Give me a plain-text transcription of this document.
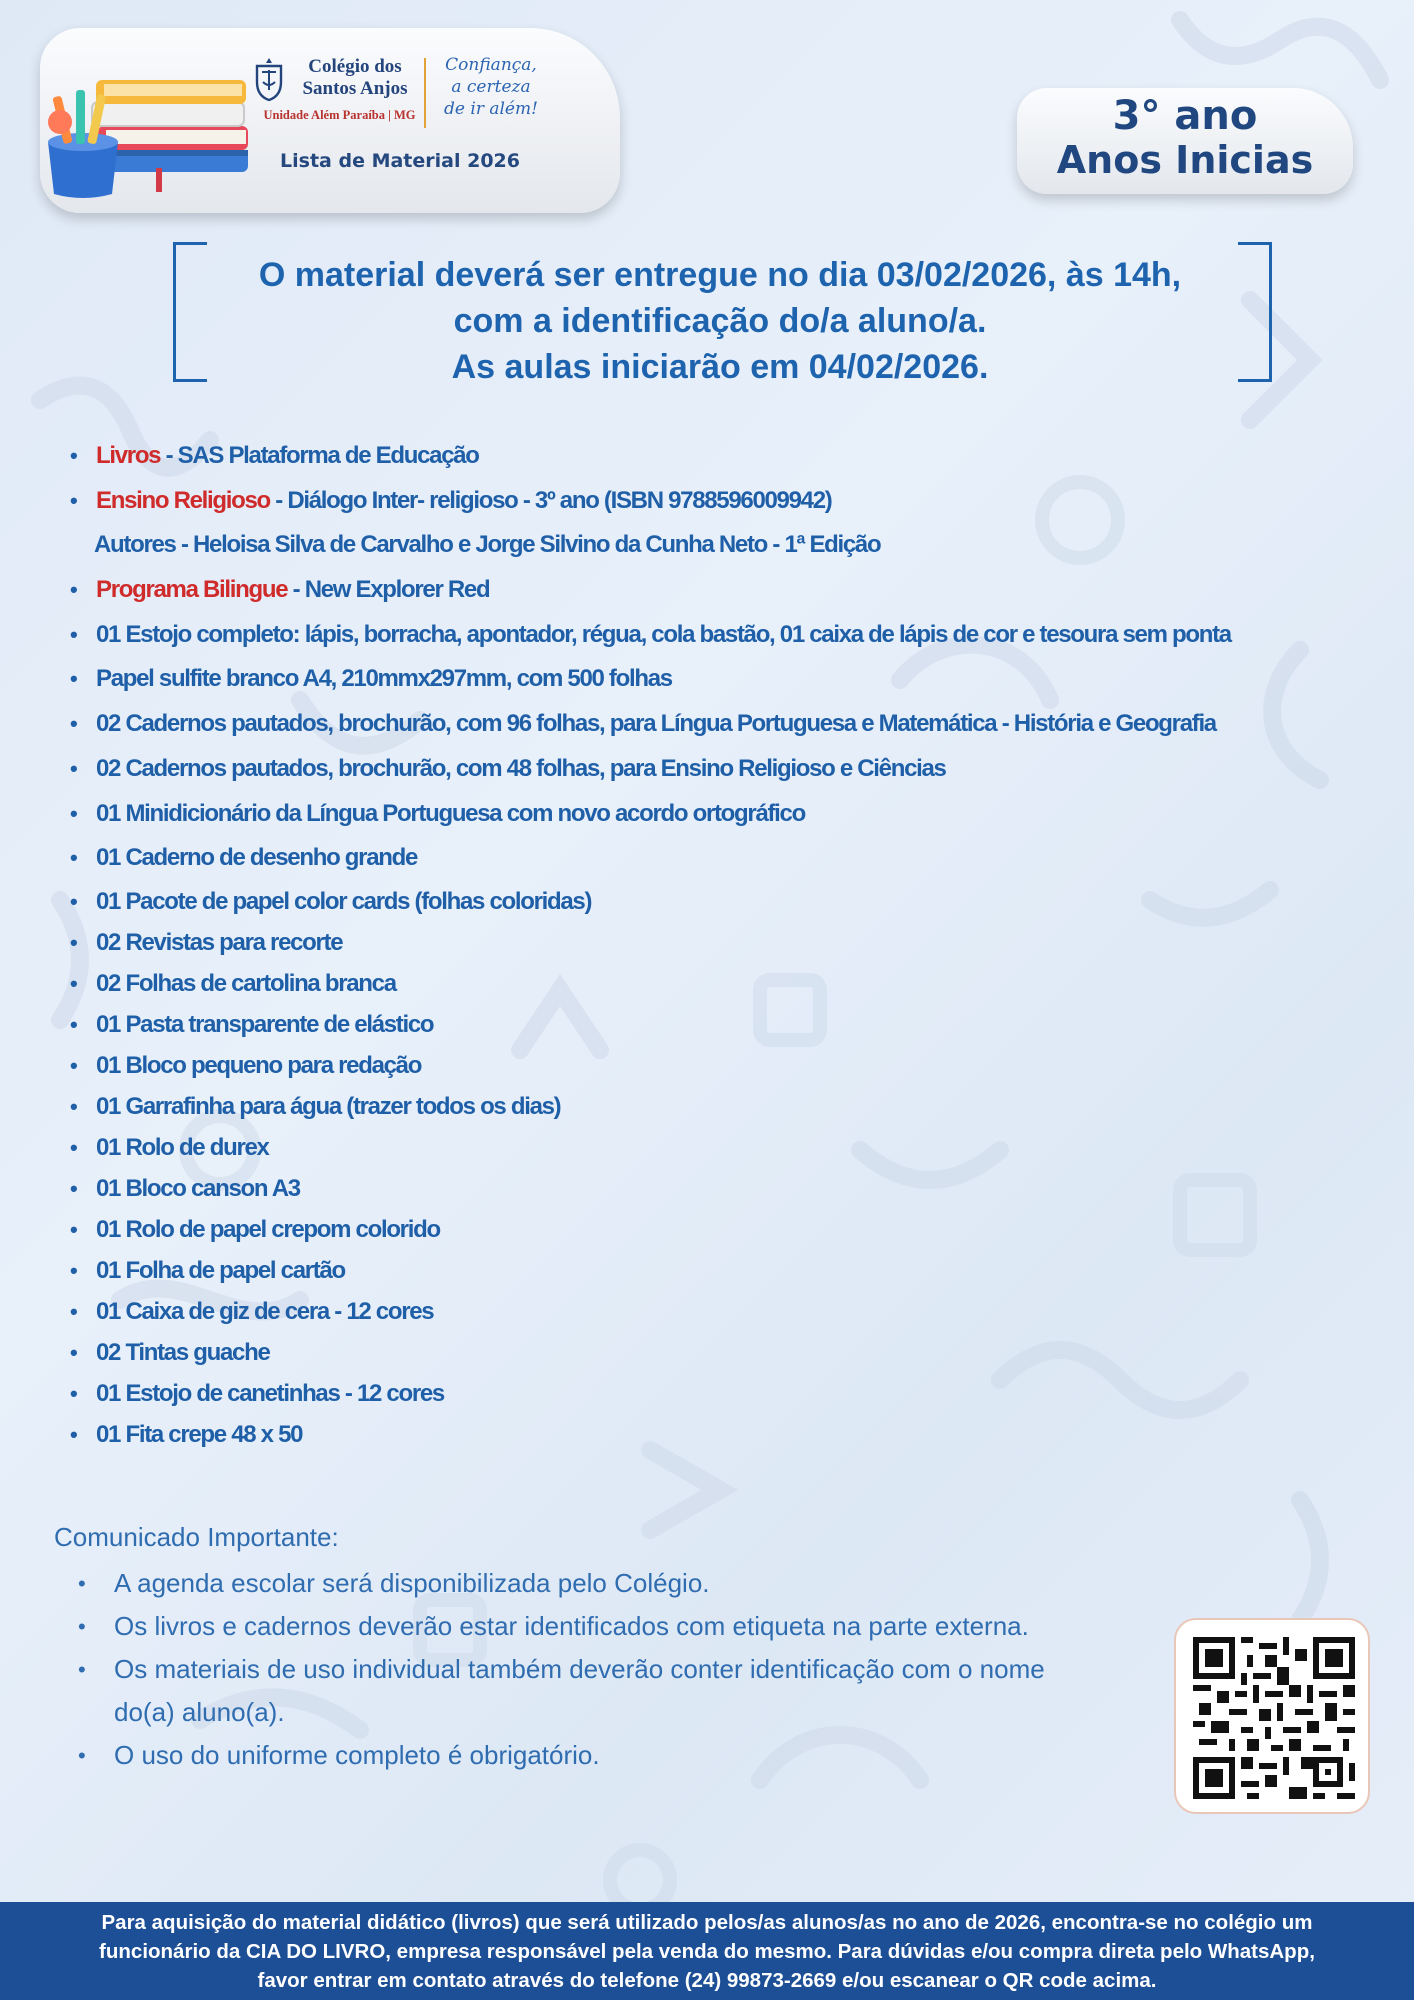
Colégio dos
Santos Anjos
Unidade Além Paraíba | MG
Confiança,
a certeza
de ir além!
Lista de Material 2026
3° ano
Anos Inicias
O material deverá ser entregue no dia 03/02/2026, às 14h,
com a identificação do/a aluno/a.
As aulas iniciarão em 04/02/2026.
• Livros - SAS Plataforma de Educação
• Ensino Religioso - Diálogo Inter- religioso - 3º ano (ISBN 9788596009942)
Autores - Heloisa Silva de Carvalho e Jorge Silvino da Cunha Neto - 1ª Edição
• Programa Bilingue - New Explorer Red
• 01 Estojo completo: lápis, borracha, apontador, régua, cola bastão, 01 caixa de lápis de cor e tesoura sem ponta
• Papel sulfite branco A4, 210mmx297mm, com 500 folhas
• 02 Cadernos pautados, brochurão, com 96 folhas, para Língua Portuguesa e Matemática - História e Geografia
• 02 Cadernos pautados, brochurão, com 48 folhas, para Ensino Religioso e Ciências
• 01 Minidicionário da Língua Portuguesa com novo acordo ortográfico
• 01 Caderno de desenho grande
• 01 Pacote de papel color cards (folhas coloridas)
• 02 Revistas para recorte
• 02 Folhas de cartolina branca
• 01 Pasta transparente de elástico
• 01 Bloco pequeno para redação
• 01 Garrafinha para água (trazer todos os dias)
• 01 Rolo de durex
• 01 Bloco canson A3
• 01 Rolo de papel crepom colorido
• 01 Folha de papel cartão
• 01 Caixa de giz de cera - 12 cores
• 02 Tintas guache
• 01 Estojo de canetinhas - 12 cores
• 01 Fita crepe 48 x 50
Comunicado Importante:
• A agenda escolar será disponibilizada pelo Colégio.
• Os livros e cadernos deverão estar identificados com etiqueta na parte externa.
• Os materiais de uso individual também deverão conter identificação com o nome
do(a) aluno(a).
• O uso do uniforme completo é obrigatório.
Para aquisição do material didático (livros) que será utilizado pelos/as alunos/as no ano de 2026, encontra-se no colégio um
funcionário da CIA DO LIVRO, empresa responsável pela venda do mesmo. Para dúvidas e/ou compra direta pelo WhatsApp,
favor entrar em contato através do telefone (24) 99873-2669 e/ou escanear o QR code acima.
